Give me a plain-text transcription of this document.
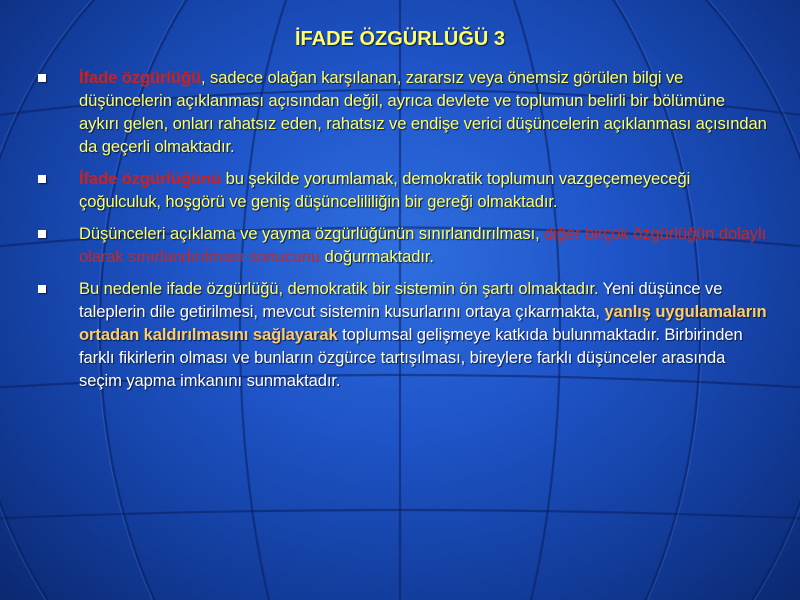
İFADE ÖZGÜRLÜĞÜ 3
İfade özgürlüğü, sadece olağan karşılanan, zararsız veya önemsiz görülen bilgi ve düşüncelerin açıklanması açısından değil, ayrıca devlete ve toplumun belirli bir bölümüne aykırı gelen, onları rahatsız eden, rahatsız ve endişe verici düşüncelerin açıklanması açısından da geçerli olmaktadır.
İfade özgürlüğünü bu şekilde yorumlamak, demokratik toplumun vazgeçemeyeceği çoğulculuk, hoşgörü ve geniş düşüncelililiğin bir gereği olmaktadır.
Düşünceleri açıklama ve yayma özgürlüğünün sınırlandırılması, diğer birçok özgürlüğün dolaylı olarak sınırlandırılması sonucunu doğurmaktadır.
Bu nedenle ifade özgürlüğü, demokratik bir sistemin ön şartı olmaktadır. Yeni düşünce ve taleplerin dile getirilmesi, mevcut sistemin kusurlarını ortaya çıkarmakta, yanlış uygulamaların ortadan kaldırılmasını sağlayarak toplumsal gelişmeye katkıda bulunmaktadır. Birbirinden farklı fikirlerin olması ve bunların özgürce tartışılması, bireylere farklı düşünceler arasında seçim yapma imkanını sunmaktadır.
